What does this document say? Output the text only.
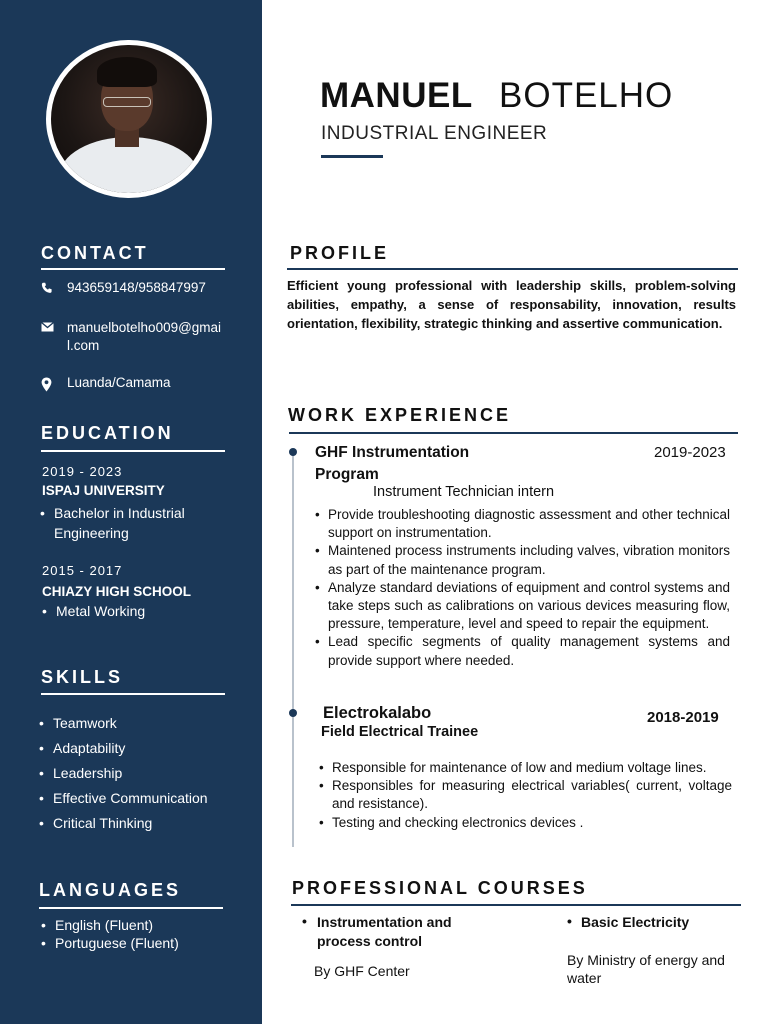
CONTACT
943659148/958847997
manuelbotelho009@gmail.com
Luanda/Camama
EDUCATION
2019 - 2023
ISPAJ UNIVERSITY
• Bachelor in Industrial Engineering
2015 - 2017
CHIAZY HIGH SCHOOL
• Metal Working
SKILLS
• Teamwork
• Adaptability
• Leadership
• Effective Communication
• Critical Thinking
LANGUAGES
• English (Fluent)
• Portuguese (Fluent)
MANUEL BOTELHO
INDUSTRIAL ENGINEER
PROFILE
Efficient young professional with leadership skills, problem-solving abilities, empathy, a sense of responsability, innovation, results orientation, flexibility, strategic thinking and assertive communication.
WORK EXPERIENCE
GHF Instrumentation Program
2019-2023
Instrument Technician intern
• Provide troubleshooting diagnostic assessment and other technical support on instrumentation.
• Maintened process instruments including valves, vibration monitors as part of the maintenance program.
• Analyze standard deviations of equipment and control systems and take steps such as calibrations on various devices measuring flow, pressure, temperature, level and speed to repair the equipment.
• Lead specific segments of quality management systems and provide support where needed.
Electrokalabo	2018-2019
Field Electrical Trainee
• Responsible for maintenance of low and medium voltage lines.
• Responsibles for measuring electrical variables( current, voltage and resistance).
• Testing and checking electronics devices .
PROFESSIONAL COURSES
• Instrumentation and process control
By GHF Center
• Basic Electricity
By Ministry of energy and water
